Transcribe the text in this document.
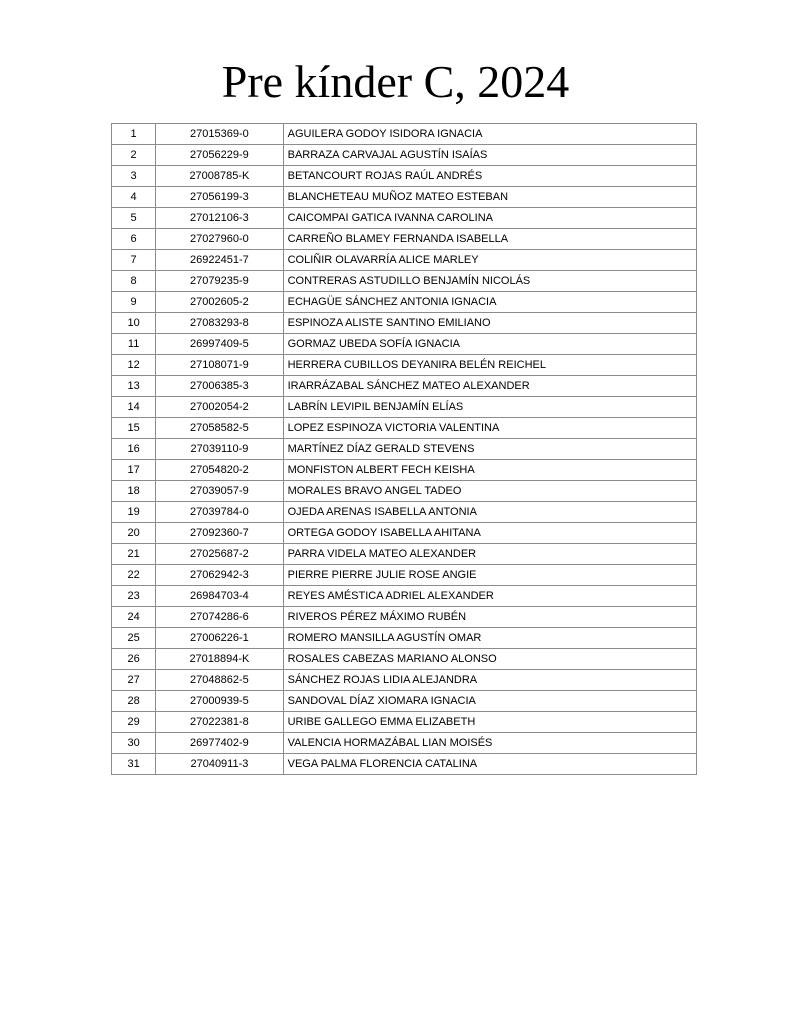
Pre kínder C, 2024
1	27015369-0	AGUILERA GODOY ISIDORA IGNACIA
2	27056229-9	BARRAZA CARVAJAL AGUSTÍN ISAÍAS
3	27008785-K	BETANCOURT ROJAS RAÚL ANDRÉS
4	27056199-3	BLANCHETEAU MUÑOZ MATEO ESTEBAN
5	27012106-3	CAICOMPAI GATICA IVANNA CAROLINA
6	27027960-0	CARREÑO BLAMEY FERNANDA ISABELLA
7	26922451-7	COLIÑIR OLAVARRÍA ALICE MARLEY
8	27079235-9	CONTRERAS ASTUDILLO BENJAMÍN NICOLÁS
9	27002605-2	ECHAGÜE SÁNCHEZ ANTONIA IGNACIA
10	27083293-8	ESPINOZA ALISTE SANTINO EMILIANO
11	26997409-5	GORMAZ UBEDA SOFÍA IGNACIA
12	27108071-9	HERRERA CUBILLOS DEYANIRA BELÉN REICHEL
13	27006385-3	IRARRÁZABAL SÁNCHEZ MATEO ALEXANDER
14	27002054-2	LABRÍN LEVIPIL BENJAMÍN ELÍAS
15	27058582-5	LOPEZ ESPINOZA VICTORIA VALENTINA
16	27039110-9	MARTÍNEZ DÍAZ GERALD STEVENS
17	27054820-2	MONFISTON ALBERT FECH KEISHA
18	27039057-9	MORALES BRAVO ANGEL TADEO
19	27039784-0	OJEDA ARENAS ISABELLA ANTONIA
20	27092360-7	ORTEGA GODOY ISABELLA AHITANA
21	27025687-2	PARRA VIDELA MATEO ALEXANDER
22	27062942-3	PIERRE PIERRE JULIE ROSE ANGIE
23	26984703-4	REYES AMÉSTICA ADRIEL ALEXANDER
24	27074286-6	RIVEROS PÉREZ MÁXIMO RUBÉN
25	27006226-1	ROMERO MANSILLA AGUSTÍN OMAR
26	27018894-K	ROSALES CABEZAS MARIANO ALONSO
27	27048862-5	SÁNCHEZ ROJAS LIDIA ALEJANDRA
28	27000939-5	SANDOVAL DÍAZ XIOMARA IGNACIA
29	27022381-8	URIBE GALLEGO EMMA ELIZABETH
30	26977402-9	VALENCIA HORMAZÁBAL LIAN MOISÉS
31	27040911-3	VEGA PALMA FLORENCIA CATALINA
